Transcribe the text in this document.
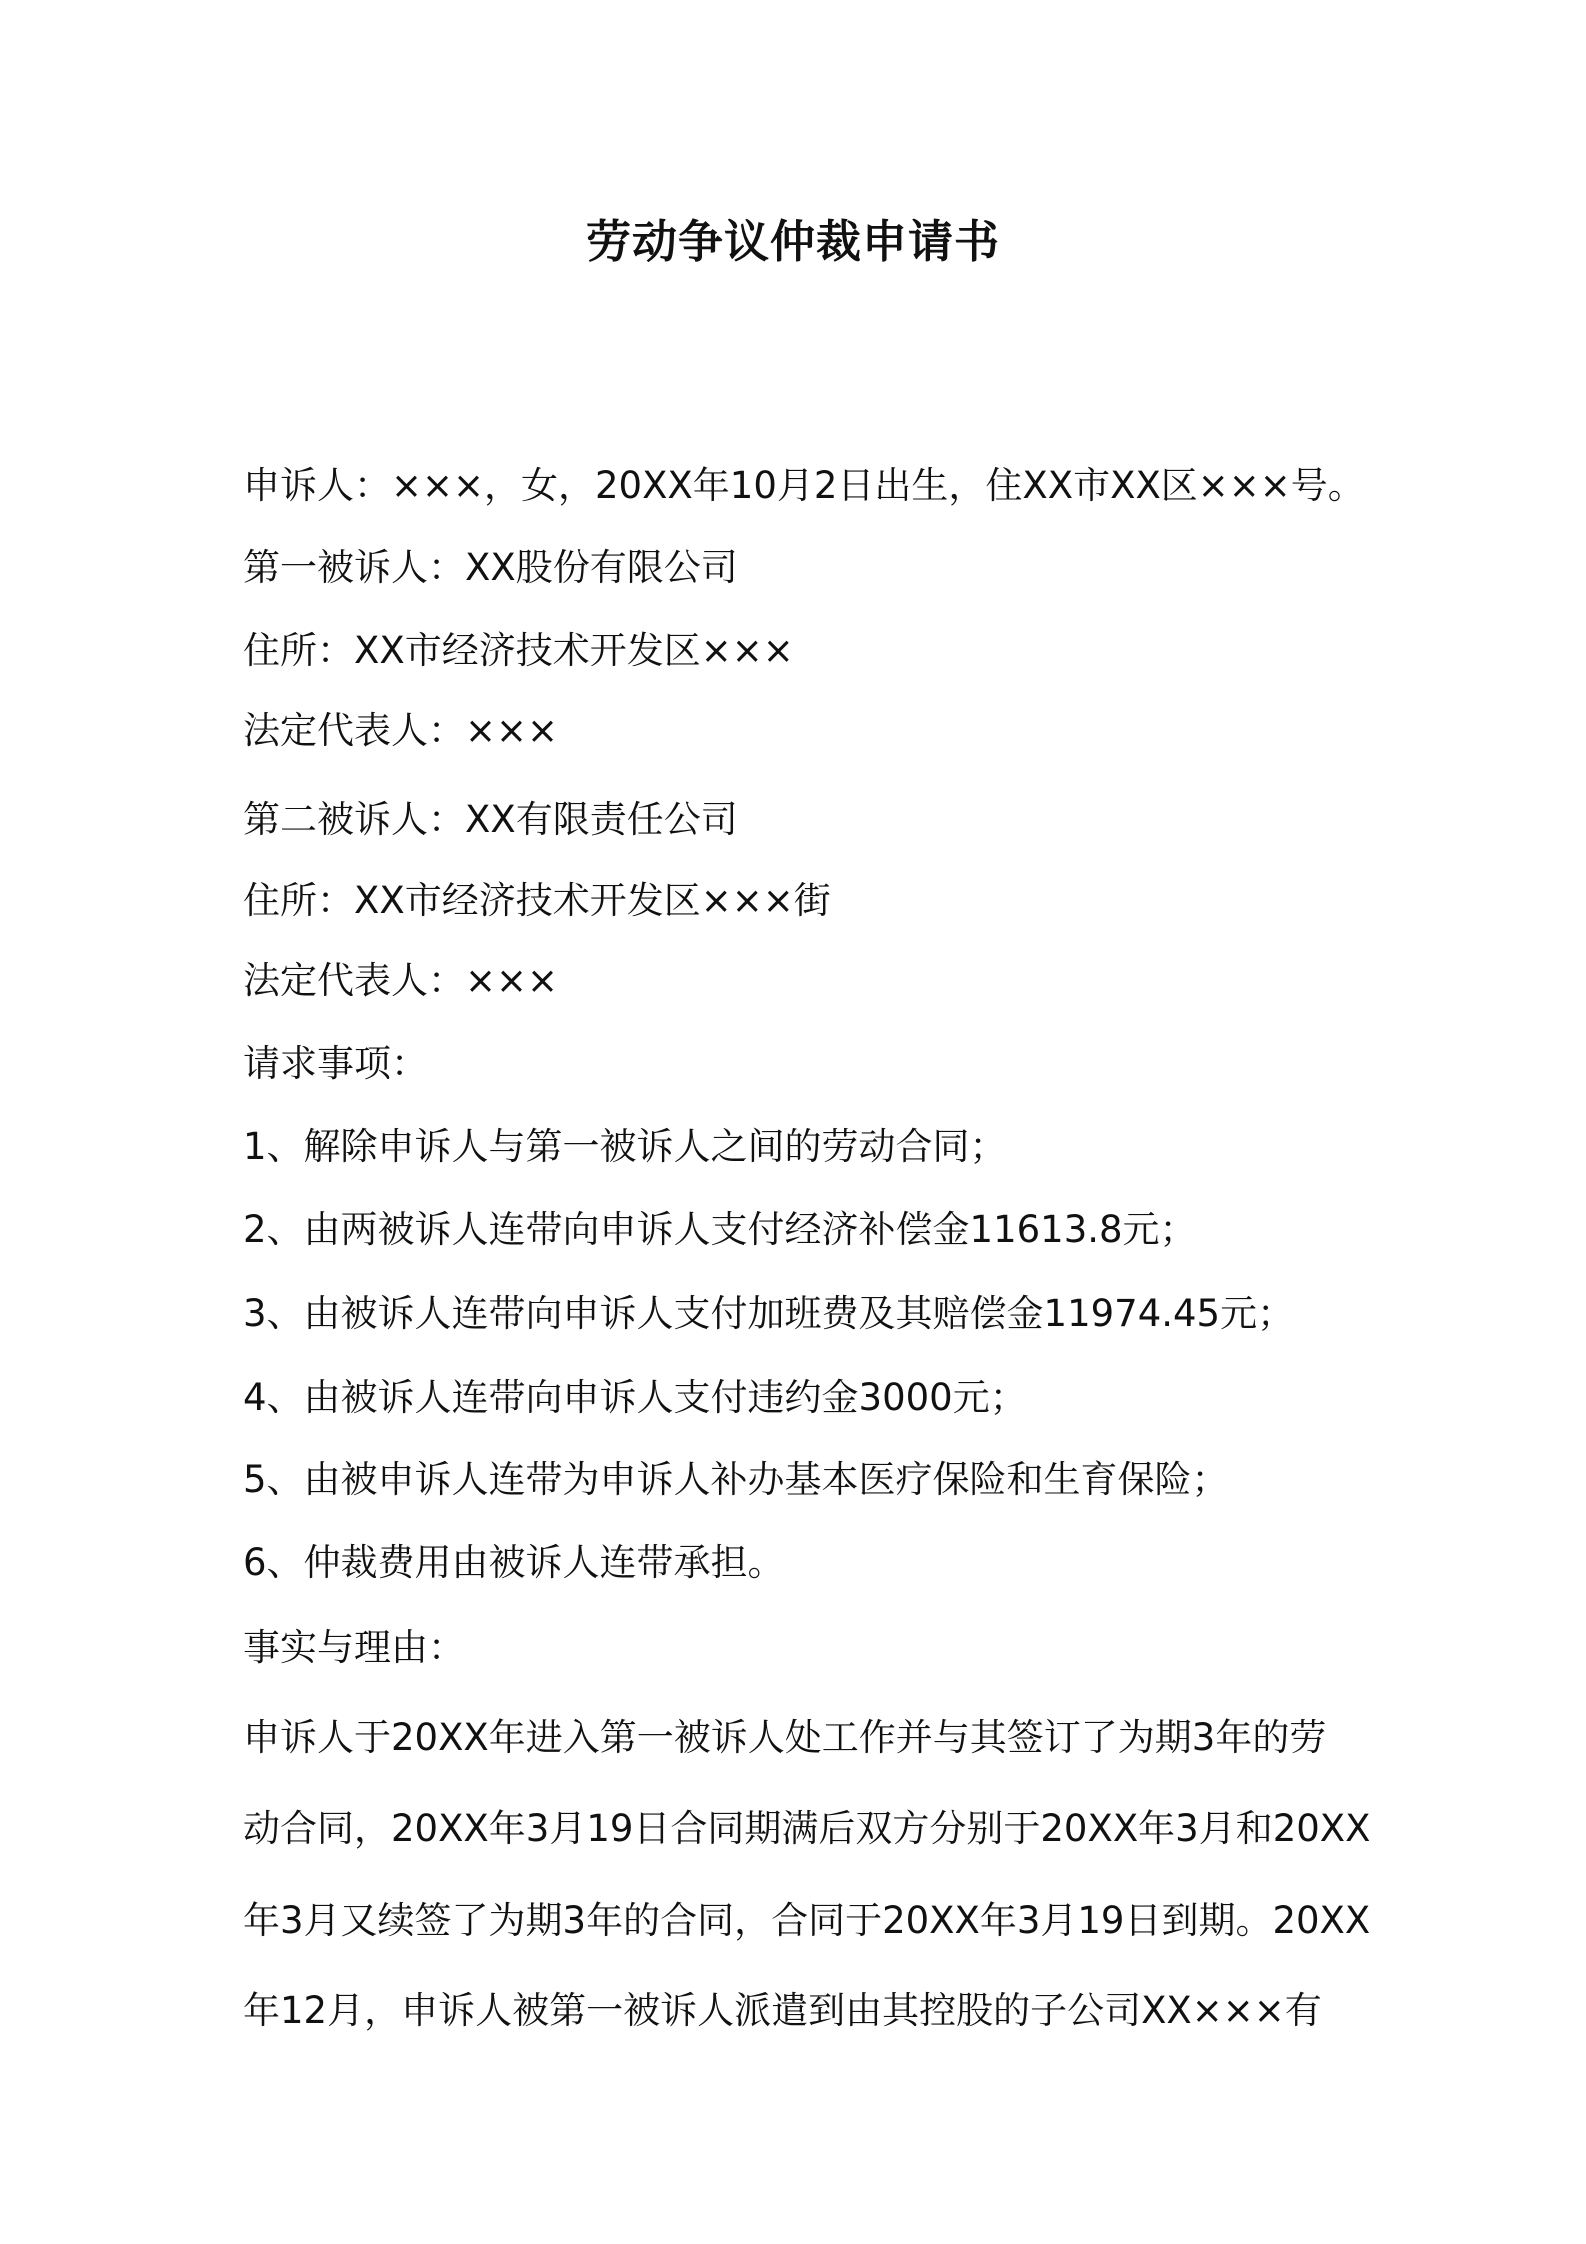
劳动争议仲裁申请书
申诉人：×××，女，20XX年10月2日出生，住XX市XX区×××号。
第一被诉人：XX股份有限公司
住所：XX市经济技术开发区×××
法定代表人：×××
第二被诉人：XX有限责任公司
住所：XX市经济技术开发区×××街
法定代表人：×××
请求事项：
1、解除申诉人与第一被诉人之间的劳动合同；
2、由两被诉人连带向申诉人支付经济补偿金11613.8元；
3、由被诉人连带向申诉人支付加班费及其赔偿金11974.45元；
4、由被诉人连带向申诉人支付违约金3000元；
5、由被申诉人连带为申诉人补办基本医疗保险和生育保险；
6、仲裁费用由被诉人连带承担。
事实与理由：
申诉人于20XX年进入第一被诉人处工作并与其签订了为期3年的劳
动合同，20XX年3月19日合同期满后双方分别于20XX年3月和20XX
年3月又续签了为期3年的合同，合同于20XX年3月19日到期。20XX
年12月，申诉人被第一被诉人派遣到由其控股的子公司XX×××有
